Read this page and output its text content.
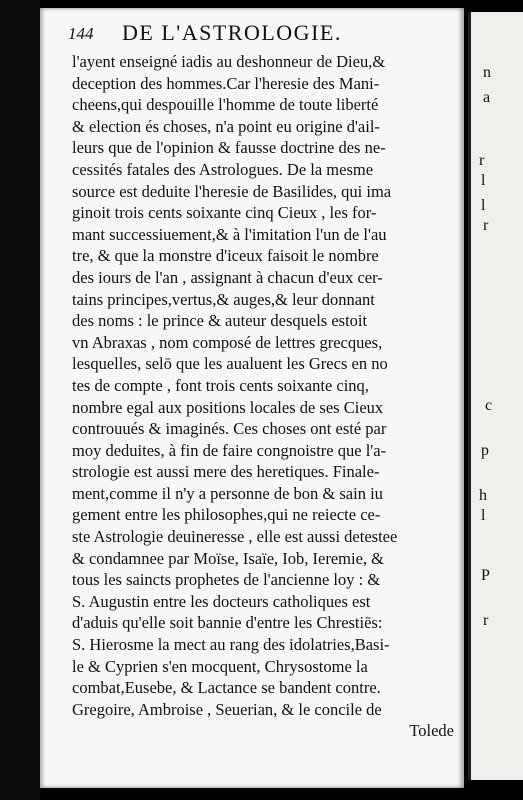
144 DE L'ASTROLOGIE.
l'ayent enseigné iadis au deshonneur de Dieu,&
deception des hommes.Car l'heresie des Mani-
cheens,qui despouille l'homme de toute liberté
& election és choses, n'a point eu origine d'ail-
leurs que de l'opinion & fausse doctrine des ne-
cessités fatales des Astrologues. De la mesme
source est deduite l'heresie de Basilides, qui ima
ginoit trois cents soixante cinq Cieux , les for-
mant successiuement,& à l'imitation l'un de l'au
tre, & que la monstre d'iceux faisoit le nombre
des iours de l'an , assignant à chacun d'eux cer-
tains principes,vertus,& auges,& leur donnant
des noms : le prince & auteur desquels estoit
vn Abraxas , nom composé de lettres grecques,
lesquelles, selō que les aualuent les Grecs en no
tes de compte , font trois cents soixante cinq,
nombre egal aux positions locales de ses Cieux
controuués & imaginés. Ces choses ont esté par
moy deduites, à fin de faire congnoistre que l'a-
strologie est aussi mere des heretiques. Finale-
ment,comme il n'y a personne de bon & sain iu
gement entre les philosophes,qui ne reiecte ce-
ste Astrologie deuineresse , elle est aussi detestee
& condamnee par Moïse, Isaïe, Iob, Ieremie, &
tous les saincts prophetes de l'ancienne loy : &
S. Augustin entre les docteurs catholiques est
d'aduis qu'elle soit bannie d'entre les Chrestiēs:
S. Hierosme la mect au rang des idolatries,Basi-
le & Cyprien s'en mocquent, Chrysostome la
combat,Eusebe, & Lactance se bandent contre.
Gregoire, Ambroise , Seuerian, & le concile de
Tolede
n
a
r
l
l
r
c
p
h
l
P
r
